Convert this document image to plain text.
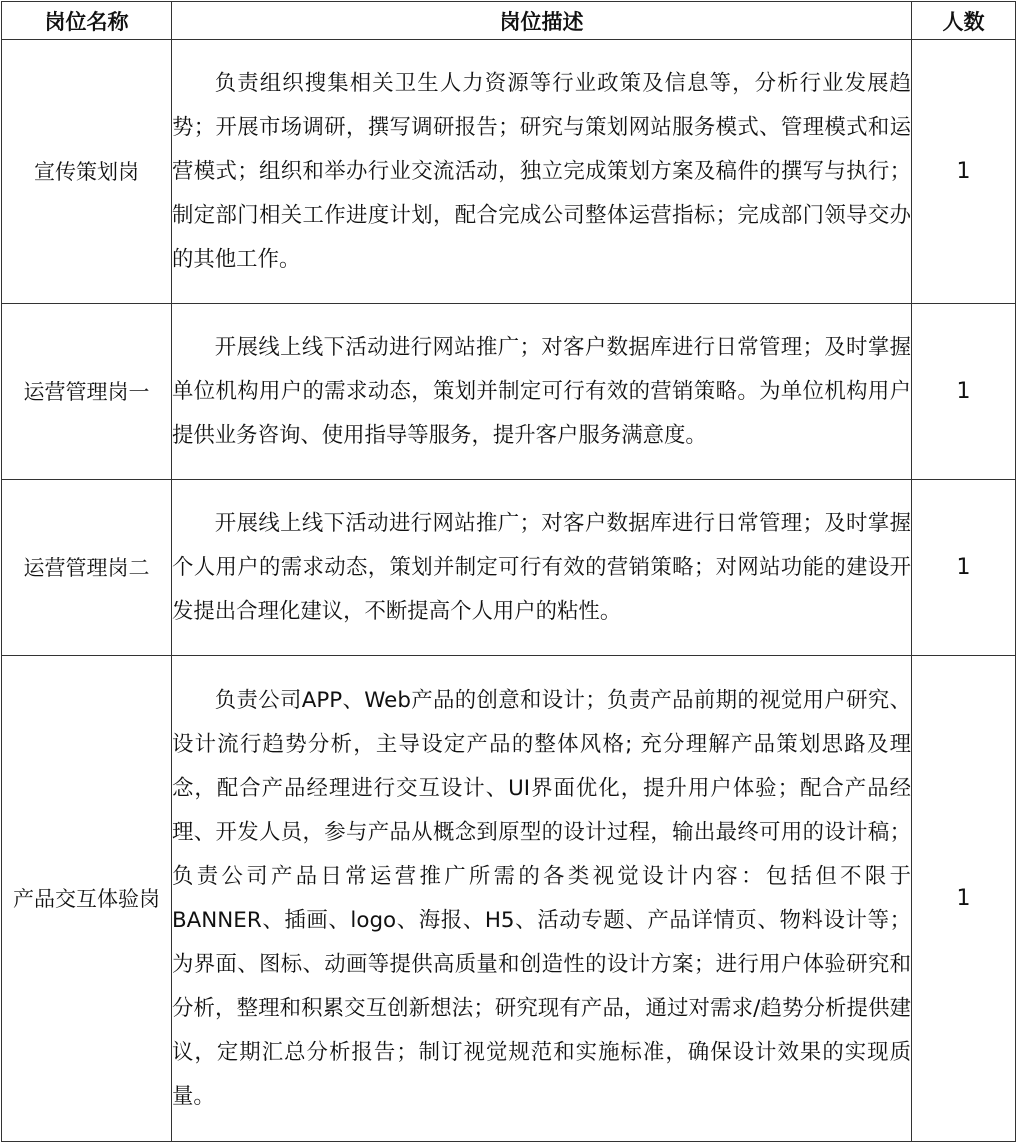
岗位名称	岗位描述	人数
宣传策划岗	负责组织搜集相关卫生人力资源等行业政策及信息等，分析行业发展趋势；开展市场调研，撰写调研报告；研究与策划网站服务模式、管理模式和运营模式；组织和举办行业交流活动，独立完成策划方案及稿件的撰写与执行；制定部门相关工作进度计划，配合完成公司整体运营指标；完成部门领导交办的其他工作。	1
运营管理岗一	开展线上线下活动进行网站推广；对客户数据库进行日常管理；及时掌握单位机构用户的需求动态，策划并制定可行有效的营销策略。为单位机构用户提供业务咨询、使用指导等服务，提升客户服务满意度。	1
运营管理岗二	开展线上线下活动进行网站推广；对客户数据库进行日常管理；及时掌握个人用户的需求动态，策划并制定可行有效的营销策略；对网站功能的建设开发提出合理化建议，不断提高个人用户的粘性。	1
产品交互体验岗	负责公司APP、Web产品的创意和设计；负责产品前期的视觉用户研究、设计流行趋势分析，主导设定产品的整体风格; 充分理解产品策划思路及理念，配合产品经理进行交互设计、UI界面优化，提升用户体验；配合产品经理、开发人员，参与产品从概念到原型的设计过程，输出最终可用的设计稿；负责公司产品日常运营推广所需的各类视觉设计内容：包括但不限于BANNER、插画、logo、海报、H5、活动专题、产品详情页、物料设计等；为界面、图标、动画等提供高质量和创造性的设计方案；进行用户体验研究和分析，整理和积累交互创新想法；研究现有产品，通过对需求/趋势分析提供建议，定期汇总分析报告；制订视觉规范和实施标准，确保设计效果的实现质量。	1
